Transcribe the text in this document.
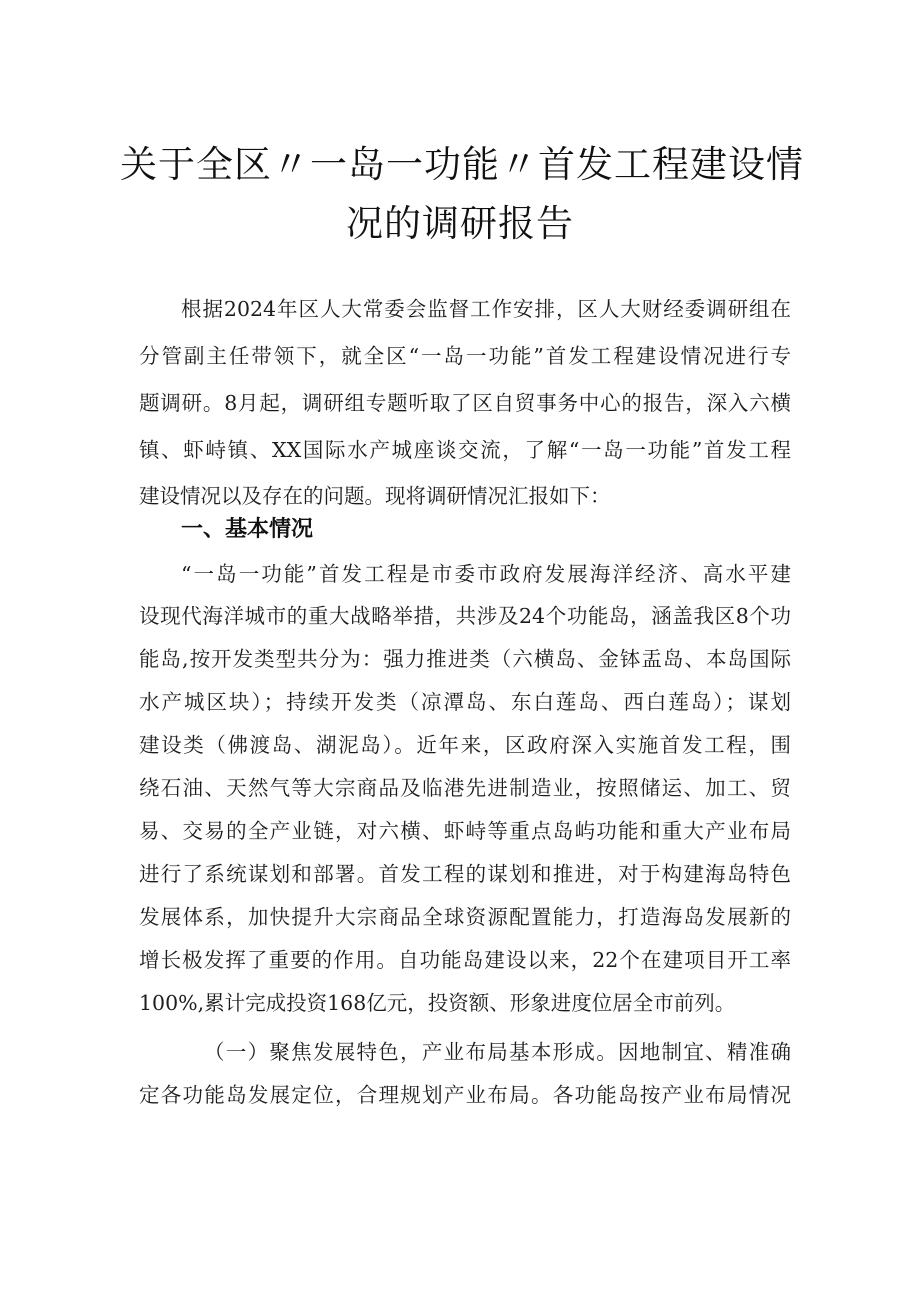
关于全区〃一岛一功能〃首发工程建设情
况的调研报告
根据2024年区人大常委会监督工作安排，区人大财经委调研组在
分管副主任带领下，就全区“一岛一功能”首发工程建设情况进行专
题调研。8月起，调研组专题听取了区自贸事务中心的报告，深入六横
镇、虾峙镇、XX国际水产城座谈交流，了解“一岛一功能”首发工程
建设情况以及存在的问题。现将调研情况汇报如下：
一、基本情况
“一岛一功能”首发工程是市委市政府发展海洋经济、高水平建
设现代海洋城市的重大战略举措，共涉及24个功能岛，涵盖我区8个功
能岛,按开发类型共分为：强力推进类（六横岛、金钵盂岛、本岛国际
水产城区块）；持续开发类（凉潭岛、东白莲岛、西白莲岛）；谋划
建设类（佛渡岛、湖泥岛）。近年来，区政府深入实施首发工程，围
绕石油、天然气等大宗商品及临港先进制造业，按照储运、加工、贸
易、交易的全产业链，对六横、虾峙等重点岛屿功能和重大产业布局
进行了系统谋划和部署。首发工程的谋划和推进，对于构建海岛特色
发展体系，加快提升大宗商品全球资源配置能力，打造海岛发展新的
增长极发挥了重要的作用。自功能岛建设以来，22个在建项目开工率
100%,累计完成投资168亿元，投资额、形象进度位居全市前列。
（一）聚焦发展特色，产业布局基本形成。因地制宜、精准确
定各功能岛发展定位，合理规划产业布局。各功能岛按产业布局情况
